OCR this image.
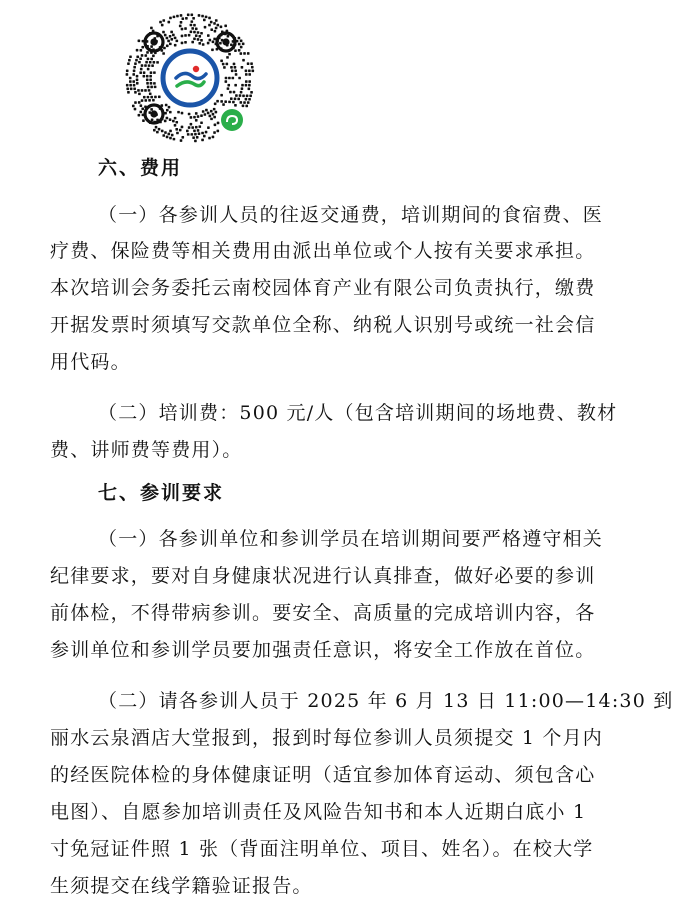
六、费用
（一）各参训人员的往返交通费，培训期间的食宿费、医
疗费、保险费等相关费用由派出单位或个人按有关要求承担。
本次培训会务委托云南校园体育产业有限公司负责执行，缴费
开据发票时须填写交款单位全称、纳税人识别号或统一社会信
用代码。
（二）培训费：500 元/人（包含培训期间的场地费、教材
费、讲师费等费用）。
七、参训要求
（一）各参训单位和参训学员在培训期间要严格遵守相关
纪律要求，要对自身健康状况进行认真排查，做好必要的参训
前体检，不得带病参训。要安全、高质量的完成培训内容，各
参训单位和参训学员要加强责任意识，将安全工作放在首位。
（二）请各参训人员于 2025 年 6 月 13 日 11:00—14:30 到
丽水云泉酒店大堂报到，报到时每位参训人员须提交 1 个月内
的经医院体检的身体健康证明（适宜参加体育运动、须包含心
电图）、自愿参加培训责任及风险告知书和本人近期白底小 1
寸免冠证件照 1 张（背面注明单位、项目、姓名）。在校大学
生须提交在线学籍验证报告。
